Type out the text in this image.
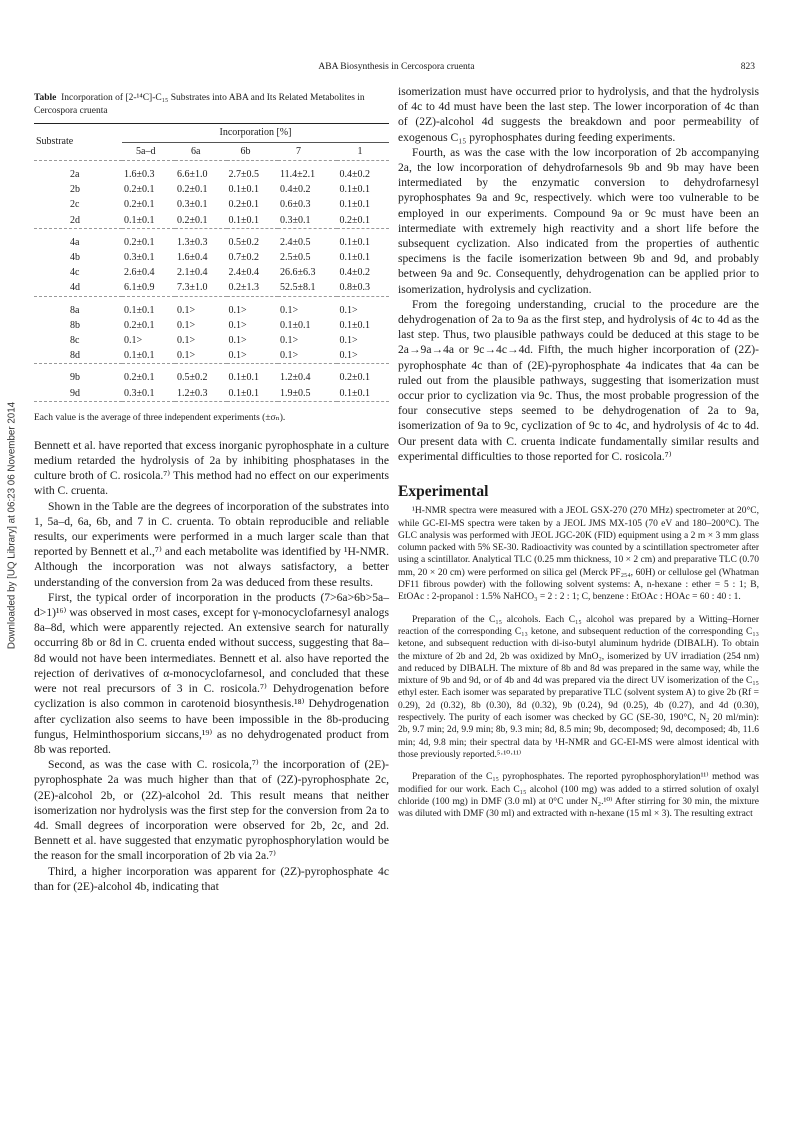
ABA Biosynthesis in Cercospora cruenta	823
Downloaded by [UQ Library] at 06:23 06 November 2014
Table Incorporation of [2-¹⁴C]-C₁₅ Substrates into ABA and Its Related Metabolites in Cercospora cruenta
Substrate	Incorporation [%]				
	5a–d	6a	6b	7	1
2a	1.6±0.3	6.6±1.0	2.7±0.5	11.4±2.1	0.4±0.2
2b	0.2±0.1	0.2±0.1	0.1±0.1	0.4±0.2	0.1±0.1
2c	0.2±0.1	0.3±0.1	0.2±0.1	0.6±0.3	0.1±0.1
2d	0.1±0.1	0.2±0.1	0.1±0.1	0.3±0.1	0.2±0.1
4a	0.2±0.1	1.3±0.3	0.5±0.2	2.4±0.5	0.1±0.1
4b	0.3±0.1	1.6±0.4	0.7±0.2	2.5±0.5	0.1±0.1
4c	2.6±0.4	2.1±0.4	2.4±0.4	26.6±6.3	0.4±0.2
4d	6.1±0.9	7.3±1.0	0.2±1.3	52.5±8.1	0.8±0.3
8a	0.1±0.1	0.1>	0.1>	0.1>	0.1>
8b	0.2±0.1	0.1>	0.1>	0.1±0.1	0.1±0.1
8c	0.1>	0.1>	0.1>	0.1>	0.1>
8d	0.1±0.1	0.1>	0.1>	0.1>	0.1>
9b	0.2±0.1	0.5±0.2	0.1±0.1	1.2±0.4	0.2±0.1
9d	0.3±0.1	1.2±0.3	0.1±0.1	1.9±0.5	0.1±0.1

Each value is the average of three independent experiments (±σₙ).

Bennett et al. have reported that excess inorganic pyrophosphate in a culture medium retarded the hydrolysis of 2a by inhibiting phosphatases in the culture broth of C. rosicola.⁷⁾ This method had no effect on our experiments with C. cruenta.

Shown in the Table are the degrees of incorporation of the substrates into 1, 5a–d, 6a, 6b, and 7 in C. cruenta. To obtain reproducible and reliable results, our experiments were performed in a much larger scale than that reported by Bennett et al.,⁷⁾ and each metabolite was identified by ¹H-NMR. Although the incorporation was not always satisfactory, a better understanding of the conversion from 2a was deduced from these results.

First, the typical order of incorporation in the products (7>6a>6b>5a–d>1)¹⁶⁾ was observed in most cases, except for γ-monocyclofarnesyl analogs 8a–8d, which were apparently rejected. An extensive search for naturally occurring 8b or 8d in C. cruenta ended without success, suggesting that 8a–8d would not have been intermediates. Bennett et al. also have reported the rejection of derivatives of α-monocyclofarnesol, and concluded that these were not real precursors of 3 in C. rosicola.⁷⁾ Dehydrogenation before cyclization is also common in carotenoid biosynthesis.¹⁸⁾ Dehydrogenation after cyclization also seems to have been impossible in the 8b-producing fungus, Helminthosporium siccans,¹⁹⁾ as no dehydrogenated product from 8b was reported.

Second, as was the case with C. rosicola,⁷⁾ the incorporation of (2E)-pyrophosphate 2a was much higher than that of (2Z)-pyrophosphate 2c, (2E)-alcohol 2b, or (2Z)-alcohol 2d. This result means that neither isomerization nor hydrolysis was the first step for the conversion from 2a to 4d. Small degrees of incorporation were observed for 2b, 2c, and 2d. Bennett et al. have suggested that enzymatic pyrophosphorylation would be the reason for the small incorporation of 2b via 2a.⁷⁾

Third, a higher incorporation was apparent for (2Z)-pyrophosphate 4c than for (2E)-alcohol 4b, indicating that

isomerization must have occurred prior to hydrolysis, and that the hydrolysis of 4c to 4d must have been the last step. The lower incorporation of 4c than of (2Z)-alcohol 4d suggests the breakdown and poor permeability of exogenous C₁₅ pyrophosphates during feeding experiments.

Fourth, as was the case with the low incorporation of 2b accompanying 2a, the low incorporation of dehydrofarnesols 9b and 9b may have been intermediated by the enzymatic conversion to dehydrofarnesyl pyrophosphates 9a and 9c, respectively. which were too vulnerable to be employed in our experiments. Compound 9a or 9c must have been an intermediate with extremely high reactivity and a short life before the subsequent cyclization. Also indicated from the properties of authentic specimens is the facile isomerization between 9b and 9d, and probably between 9a and 9c. Consequently, dehydrogenation can be applied prior to isomerization, hydrolysis and cyclization.

From the foregoing understanding, crucial to the procedure are the dehydrogenation of 2a to 9a as the first step, and hydrolysis of 4c to 4d as the last step. Thus, two plausible pathways could be deduced at this stage to be 2a→9a→4a or 9c→4c→4d. Fifth, the much higher incorporation of (2Z)-pyrophosphate 4c than of (2E)-pyrophosphate 4a indicates that 4a can be ruled out from the plausible pathways, suggesting that isomerization must occur prior to cyclization via 9c. Thus, the most probable progression of the four consecutive steps seemed to be dehydrogenation of 2a to 9a, isomerization of 9a to 9c, cyclization of 9c to 4c, and hydrolysis of 4c to 4d. Our present data with C. cruenta indicate fundamentally similar results and experimental difficulties to those reported for C. rosicola.⁷⁾

Experimental

¹H-NMR spectra were measured with a JEOL GSX-270 (270 MHz) spectrometer at 20°C, while GC-EI-MS spectra were taken by a JEOL JMS MX-105 (70 eV and 180–200°C). The GLC analysis was performed with JEOL JGC-20K (FID) equipment using a 2 m × 3 mm glass column packed with 5% SE-30. Radioactivity was counted by a scintillation spectrometer after using a scintillator. Analytical TLC (0.25 mm thickness, 10 × 2 cm) and preparative TLC (0.70 mm, 20 × 20 cm) were performed on silica gel (Merck PF₂₅₄, 60H) or cellulose gel (Whatman DF11 fibrous powder) with the following solvent systems: A, n-hexane : ether = 5 : 1; B, EtOAc : 2-propanol : 1.5% NaHCO₃ = 2 : 2 : 1; C, benzene : EtOAc : HOAc = 60 : 40 : 1.

Preparation of the C₁₅ alcohols. Each C₁₅ alcohol was prepared by a Witting–Horner reaction of the corresponding C₁₃ ketone, and subsequent reduction of the corresponding C₁₃ ketone, and subsequent reduction with di-iso-butyl aluminum hydride (DIBALH). To obtain the mixture of 2b and 2d, 2b was oxidized by MnO₂, isomerized by UV irradiation (254 nm) and reduced by DIBALH. The mixture of 8b and 8d was prepared in the same way, while the mixture of 9b and 9d, or of 4b and 4d was prepared via the direct UV isomerization of the C₁₅ ethyl ester. Each isomer was separated by preparative TLC (solvent system A) to give 2b (Rf = 0.29), 2d (0.32), 8b (0.30), 8d (0.32), 9b (0.24), 9d (0.25), 4b (0.27), and 4d (0.30), respectively. The purity of each isomer was checked by GC (SE-30, 190°C, N₂ 20 ml/min): 2b, 9.7 min; 2d, 9.9 min; 8b, 9.3 min; 8d, 8.5 min; 9b, decomposed; 9d, decomposed; 4b, 11.6 min; 4d, 9.8 min; their spectral data by ¹H-NMR and GC-EI-MS were almost identical with those previously reported.⁵·¹⁰·¹¹⁾

Preparation of the C₁₅ pyrophosphates. The reported pyrophosphorylation¹¹⁾ method was modified for our work. Each C₁₅ alcohol (100 mg) was added to a stirred solution of oxalyl chloride (100 mg) in DMF (3.0 ml) at 0°C under N₂.¹⁰⁾ After stirring for 30 min, the mixture was diluted with DMF (30 ml) and extracted with n-hexane (15 ml × 3). The resulting extract
